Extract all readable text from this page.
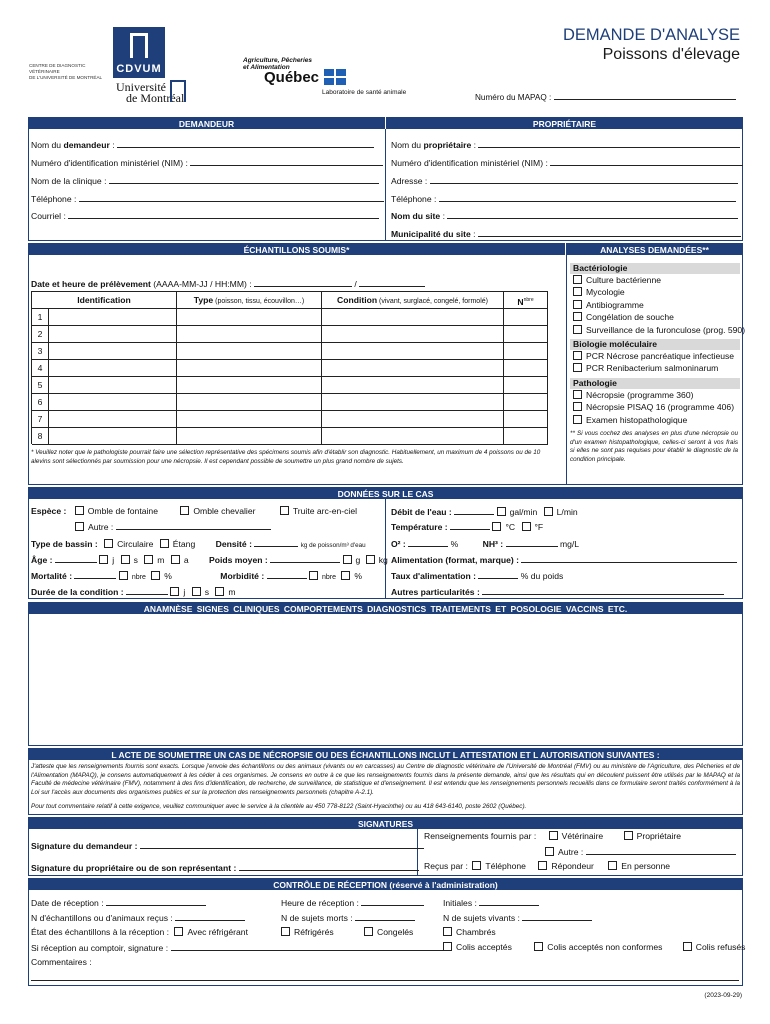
CDVUM
CENTRE DE DIAGNOSTIC VÉTÉRINAIRE
DE L'UNIVERSITÉ DE MONTRÉAL
Université
de Montréal
Agriculture, Pêcheries
et Alimentation
Québec
Laboratoire de santé animale
DEMANDE D'ANALYSE
Poissons d'élevage
Numéro du MAPAQ :
DEMANDEUR	PROPRIÉTAIRE
Nom du demandeur :
Numéro d'identification ministériel (NIM) :
Nom de la clinique :
Téléphone :
Courriel :
Nom du propriétaire :
Numéro d'identification ministériel (NIM) :
Adresse :
Téléphone :
Nom du site :
Municipalité du site :
ÉCHANTILLONS SOUMIS*	ANALYSES DEMANDÉES**
Date et heure de prélèvement (AAAA-MM-JJ / HH:MM) :	/
Identification	Type (poisson, tissu, écouvillon…)	Condition (vivant, surglacé, congelé, formolé)	$N^{nbre}$
1
2
3
4
5
6
7
8
* Veuillez noter que le pathologiste pourrait faire une sélection représentative des spécimens soumis afin d'établir son diagnostic. Habituellement, un maximum de 4 poissons ou de 10 alevins sont sélectionnés par soumission pour une nécropsie. Il est cependant possible de soumettre un plus grand nombre de sujets.
Bactériologie
Culture bactérienne
Mycologie
Antibiogramme
Congélation de souche
Surveillance de la furonculose (prog. 590)
Biologie moléculaire
PCR Nécrose pancréatique infectieuse
PCR Renibacterium salmoninarum
Pathologie
Nécropsie (programme 360)
Nécropsie PISAQ 16 (programme 406)
Examen histopathologique
** Si vous cochez des analyses en plus d'une nécropsie ou d'un examen histopathologique, celles-ci seront à vos frais si elles ne sont pas requises pour établir le diagnostic de la condition principale.
DONNÉES SUR LE CAS
Espèce : Omble de fontaine	Omble chevalier	Truite arc-en-ciel
Autre :
Type de bassin : Circulaire Étang Densité :	kg de poisson/m³ d'eau
Âge :	j s m a Poids moyen :	g kg
Mortalité :	nbre %	Morbidité :	nbre %
Durée de la condition :	j s m
Débit de l'eau :	gal/min L/min
Température :	°C °F
O² :	%	NH³ :	mg/L
Alimentation (format, marque) :
Taux d'alimentation :	% du poids
Autres particularités :
ANAMNÈSE SIGNES CLINIQUES COMPORTEMENTS DIAGNOSTICS TRAITEMENTS ET POSOLOGIE VACCINS ETC.
L ACTE DE SOUMETTRE UN CAS DE NÉCROPSIE OU DES ÉCHANTILLONS INCLUT L ATTESTATION ET L AUTORISATION SUIVANTES :
J'atteste que les renseignements fournis sont exacts. Lorsque j'envoie des échantillons ou des animaux (vivants ou en carcasses) au Centre de diagnostic vétérinaire de l'Université de Montréal (FMV) ou au ministère de l'Agriculture, des Pêcheries et de l'Alimentation (MAPAQ), je consens automatiquement à les céder à ces organismes. Je consens en outre à ce que les renseignements fournis dans la présente demande, ainsi que les résultats qui en découlent puissent être utilisés par le MAPAQ et la Faculté de médecine vétérinaire (FMV), notamment à des fins d'identification, de recherche, de surveillance, de statistique et d'enseignement. Il est entendu que les renseignements personnels recueillis dans ce formulaire seront traités conformément à la Loi sur l'accès aux documents des organismes publics et sur la protection des renseignements personnels (chapitre A-2.1).
Pour tout commentaire relatif à cette exigence, veuillez communiquer avec le service à la clientèle au 450 778-8122 (Saint-Hyacinthe) ou au 418 643-6140, poste 2602 (Québec).
SIGNATURES
Signature du demandeur :
Signature du propriétaire ou de son représentant :
Renseignements fournis par :	Vétérinaire	Propriétaire
Autre :
Reçus par : Téléphone	Répondeur	En personne
CONTRÔLE DE RÉCEPTION (réservé à l'administration)
Date de réception :	Heure de réception :	Initiales :
N d'échantillons ou d'animaux reçus :	N de sujets morts :	N de sujets vivants :
État des échantillons à la réception : Avec réfrigérant	Réfrigérés	Congelés	Chambrés
Si réception au comptoir, signature :	Colis acceptés	Colis acceptés non conformes	Colis refusés
Commentaires :
(2023-09-29)
